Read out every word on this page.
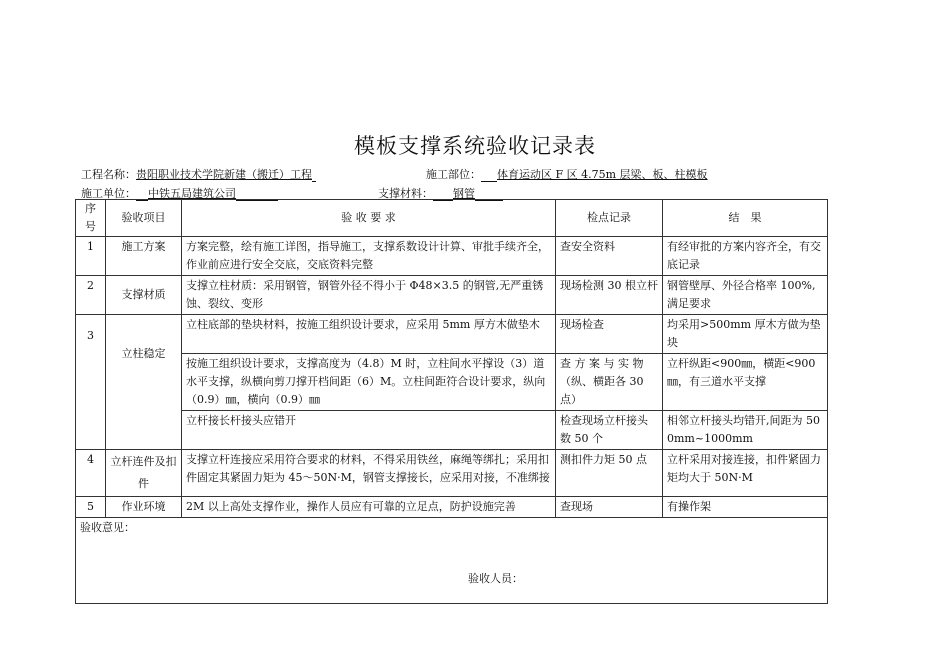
模板支撑系统验收记录表
工程名称：贵阳职业技术学院新建（搬迁）工程	施工部位： 体育运动区 F 区 4.75m 层梁、板、柱模板
施工单位： 中铁五局建筑公司	支撑材料： 钢管
序号	验收项目	验 收 要 求	检点记录	结　果
1	施工方案	方案完整，绘有施工详图，指导施工，支撑系数设计计算、审批手续齐全，作业前应进行安全交底，交底资料完整	查安全资料	有经审批的方案内容齐全，有交底记录
2	支撑材质	支撑立柱材质：采用钢管，钢管外径不得小于 Φ48×3.5 的钢管,无严重锈蚀、裂纹、变形	现场检测 30 根立杆	钢管壁厚、外径合格率 100%,满足要求
3	立柱稳定	立柱底部的垫块材料，按施工组织设计要求，应采用 5mm 厚方木做垫木	现场检查	均采用>500mm 厚木方做为垫块
		按施工组织设计要求，支撑高度为（4.8）M 时，立柱间水平撑设（3）道水平支撑，纵横向剪刀撑开档间距（6）M。立柱间距符合设计要求，纵向（0.9）㎜，横向（0.9）㎜	查 方 案 与 实 物（纵、横距各 30 点）	立杆纵距<900㎜，横距<900㎜，有三道水平支撑
		立杆接长杆接头应错开	检查现场立杆接头数 50 个	相邻立杆接头均错开,间距为 500mm~1000mm
4	立杆连件及扣件	支撑立杆连接应采用符合要求的材料，不得采用铁丝，麻绳等绑扎；采用扣件固定其紧固力矩为 45～50N·M，钢管支撑接长，应采用对接，不准绑接	测扣件力矩 50 点	立杆采用对接连接，扣件紧固力矩均大于 50N·M
5	作业环境	2M 以上高处支撑作业，操作人员应有可靠的立足点，防护设施完善	查现场	有操作架
验收意见：
验收人员：				
